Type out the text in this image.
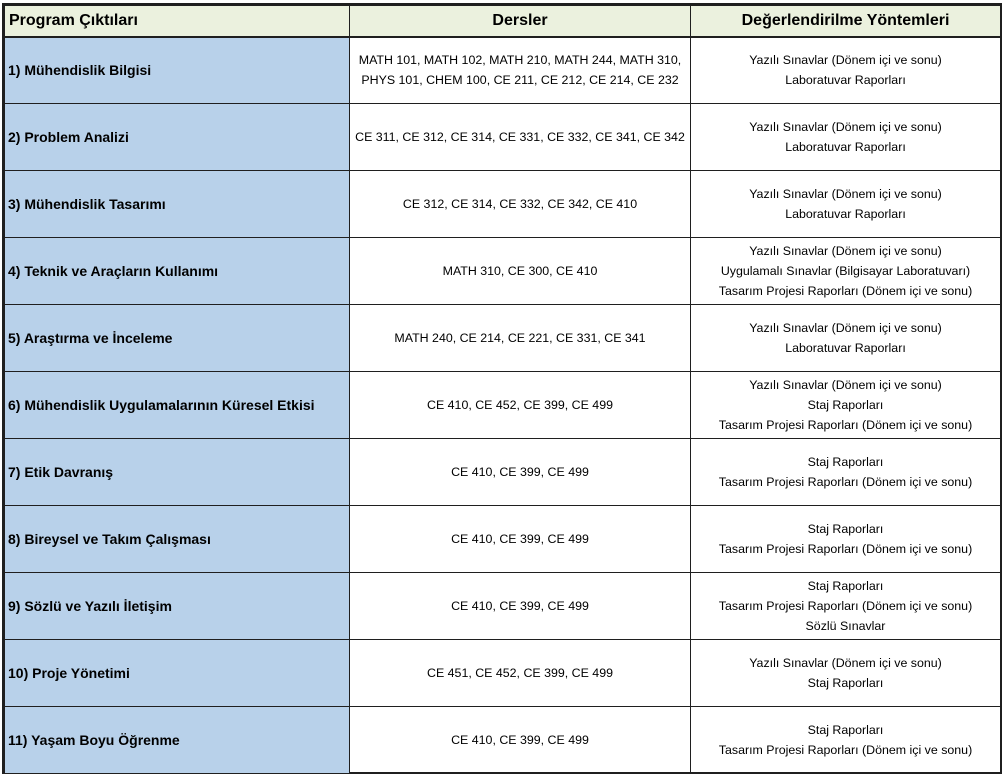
Program Çıktıları	Dersler	Değerlendirilme Yöntemleri
1) Mühendislik Bilgisi	MATH 101, MATH 102, MATH 210, MATH 244, MATH 310, PHYS 101, CHEM 100, CE 211, CE 212, CE 214, CE 232	Yazılı Sınavlar (Dönem içi ve sonu)
Laboratuvar Raporları

2) Problem Analizi	CE 311, CE 312, CE 314, CE 331, CE 332, CE 341, CE 342	Yazılı Sınavlar (Dönem içi ve sonu)
Laboratuvar Raporları

3) Mühendislik Tasarımı	CE 312, CE 314, CE 332, CE 342, CE 410	Yazılı Sınavlar (Dönem içi ve sonu)
Laboratuvar Raporları

4) Teknik ve Araçların Kullanımı	MATH 310, CE 300, CE 410	Yazılı Sınavlar (Dönem içi ve sonu)
Uygulamalı Sınavlar (Bilgisayar Laboratuvarı)
Tasarım Projesi Raporları (Dönem içi ve sonu)

5) Araştırma ve İnceleme	MATH 240, CE 214, CE 221, CE 331, CE 341	Yazılı Sınavlar (Dönem içi ve sonu)
Laboratuvar Raporları

6) Mühendislik Uygulamalarının Küresel Etkisi	CE 410, CE 452, CE 399, CE 499	Yazılı Sınavlar (Dönem içi ve sonu)
Staj Raporları
Tasarım Projesi Raporları (Dönem içi ve sonu)

7) Etik Davranış	CE 410, CE 399, CE 499	Staj Raporları
Tasarım Projesi Raporları (Dönem içi ve sonu)

8) Bireysel ve Takım Çalışması	CE 410, CE 399, CE 499	Staj Raporları
Tasarım Projesi Raporları (Dönem içi ve sonu)

9) Sözlü ve Yazılı İletişim	CE 410, CE 399, CE 499	Staj Raporları
Tasarım Projesi Raporları (Dönem içi ve sonu)
Sözlü Sınavlar

10) Proje Yönetimi	CE 451, CE 452, CE 399, CE 499	Yazılı Sınavlar (Dönem içi ve sonu)
Staj Raporları

11) Yaşam Boyu Öğrenme	CE 410, CE 399, CE 499	Staj Raporları
Tasarım Projesi Raporları (Dönem içi ve sonu)
